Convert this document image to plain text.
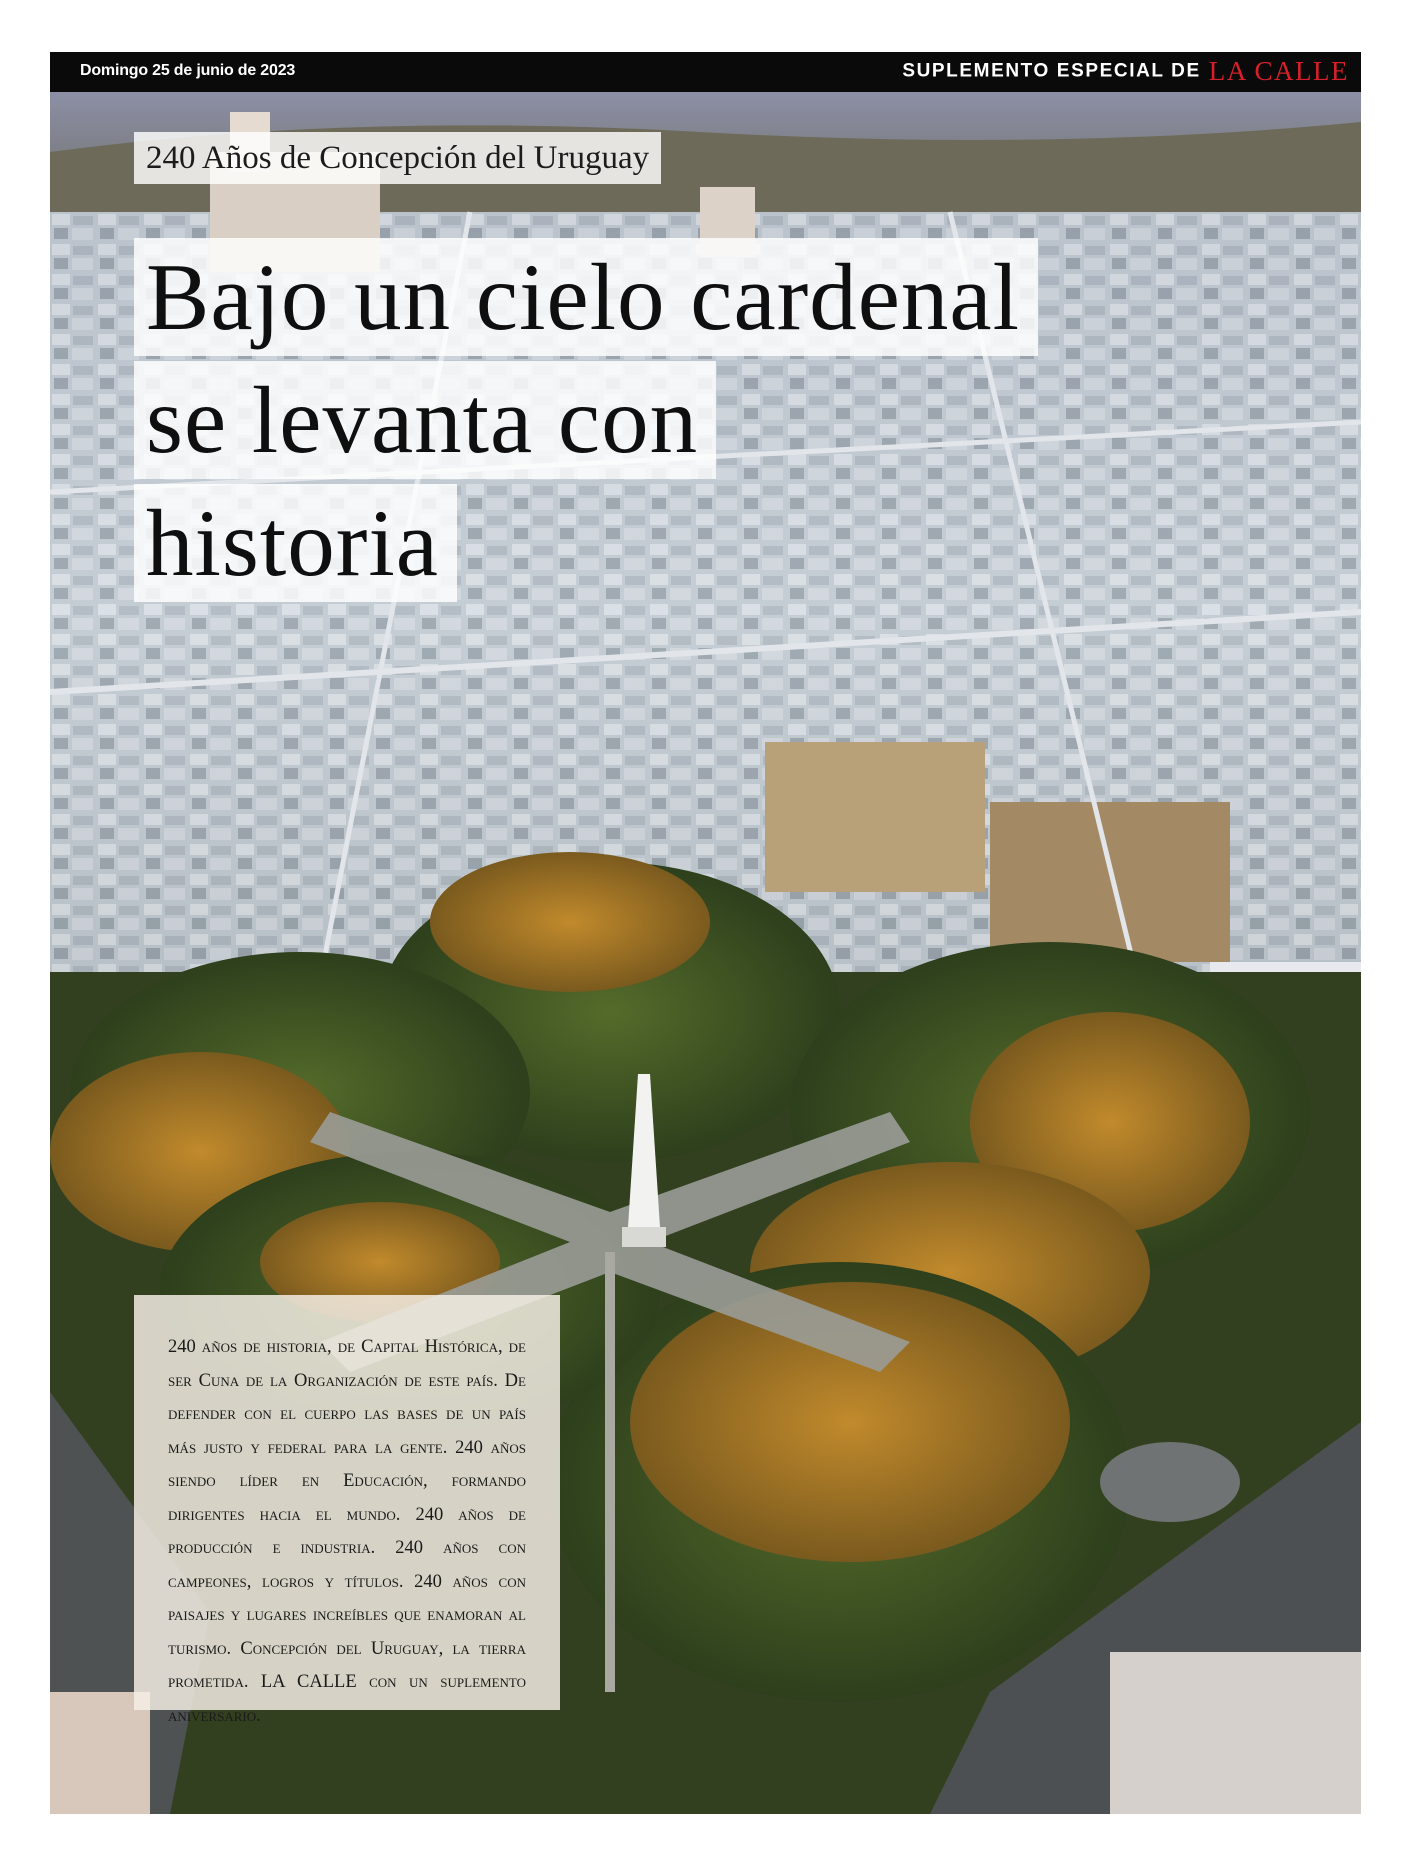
Domingo 25 de junio de 2023	SUPLEMENTO ESPECIAL DE LA CALLE
240 Años de Concepción del Uruguay
Bajo un cielo cardenal
se levanta con
historia

240 años de historia, de Capital Histórica, de ser Cuna de la Organización de este país. De defender con el cuerpo las bases de un país más justo y federal para la gente. 240 años siendo líder en Educación, formando dirigentes hacia el mundo. 240 años de producción e industria. 240 años con campeones, logros y títulos. 240 años con paisajes y lugares increíbles que enamoran al turismo. Concepción del Uruguay, la tierra prometida. LA CALLE con un suplemento aniversario.
